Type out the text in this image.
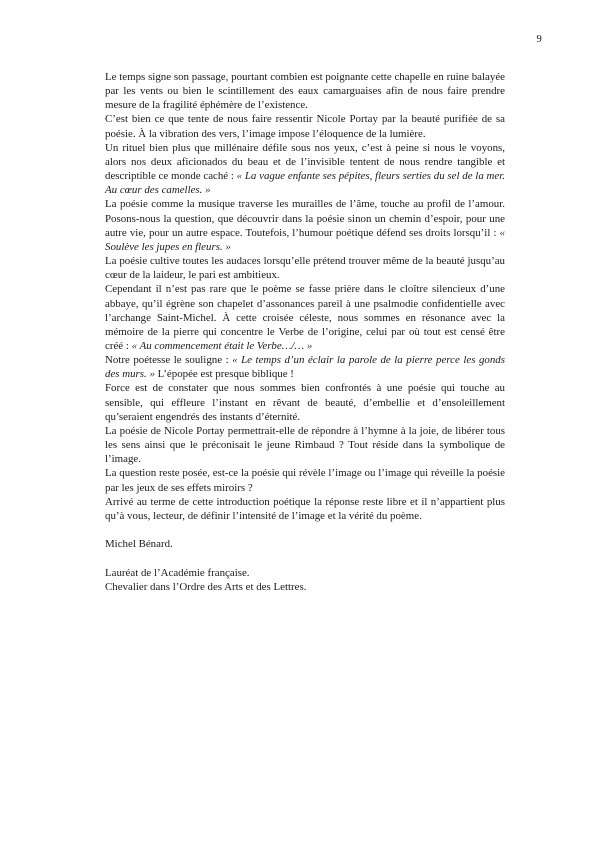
9

Le temps signe son passage, pourtant combien est poignante cette chapelle en ruine balayée par les vents ou bien le scintillement des eaux camarguaises afin de nous faire prendre mesure de la fragilité éphémère de l’existence.

C’est bien ce que tente de nous faire ressentir Nicole Portay par la beauté purifiée de sa poésie. À la vibration des vers, l’image impose l’éloquence de la lumière.

Un rituel bien plus que millénaire défile sous nos yeux, c’est à peine si nous le voyons, alors nos deux aficionados du beau et de l’invisible tentent de nous rendre tangible et descriptible ce monde caché : « La vague enfante ses pépites, fleurs serties du sel de la mer. Au cœur des camelles. »

La poésie comme la musique traverse les murailles de l’âme, touche au profil de l’amour. Posons-nous la question, que découvrir dans la poésie sinon un chemin d’espoir, pour une autre vie, pour un autre espace. Toutefois, l’humour poétique défend ses droits lorsqu’il : « Soulève les jupes en fleurs. »

La poésie cultive toutes les audaces lorsqu’elle prétend trouver même de la beauté jusqu’au cœur de la laideur, le pari est ambitieux.

Cependant il n’est pas rare que le poème se fasse prière dans le cloître silencieux d’une abbaye, qu’il égrène son chapelet d’assonances pareil à une psalmodie confidentielle avec l’archange Saint-Michel. À cette croisée céleste, nous sommes en résonance avec la mémoire de la pierre qui concentre le Verbe de l’origine, celui par où tout est censé être créé : « Au commencement était le Verbe…/… »

Notre poétesse le souligne : « Le temps d’un éclair la parole de la pierre perce les gonds des murs. » L’épopée est presque biblique !

Force est de constater que nous sommes bien confrontés à une poésie qui touche au sensible, qui effleure l’instant en rêvant de beauté, d’embellie et d’ensoleillement qu’seraient engendrés des instants d’éternité.

La poésie de Nicole Portay permettrait-elle de répondre à l’hymne à la joie, de libérer tous les sens ainsi que le préconisait le jeune Rimbaud ? Tout réside dans la symbolique de l’image.

La question reste posée, est-ce la poésie qui révèle l’image ou l’image qui réveille la poésie par les jeux de ses effets miroirs ?

Arrivé au terme de cette introduction poétique la réponse reste libre et il n’appartient plus qu’à vous, lecteur, de définir l’intensité de l’image et la vérité du poème.

Michel Bénard.

Lauréat de l’Académie française.
Chevalier dans l’Ordre des Arts et des Lettres.
